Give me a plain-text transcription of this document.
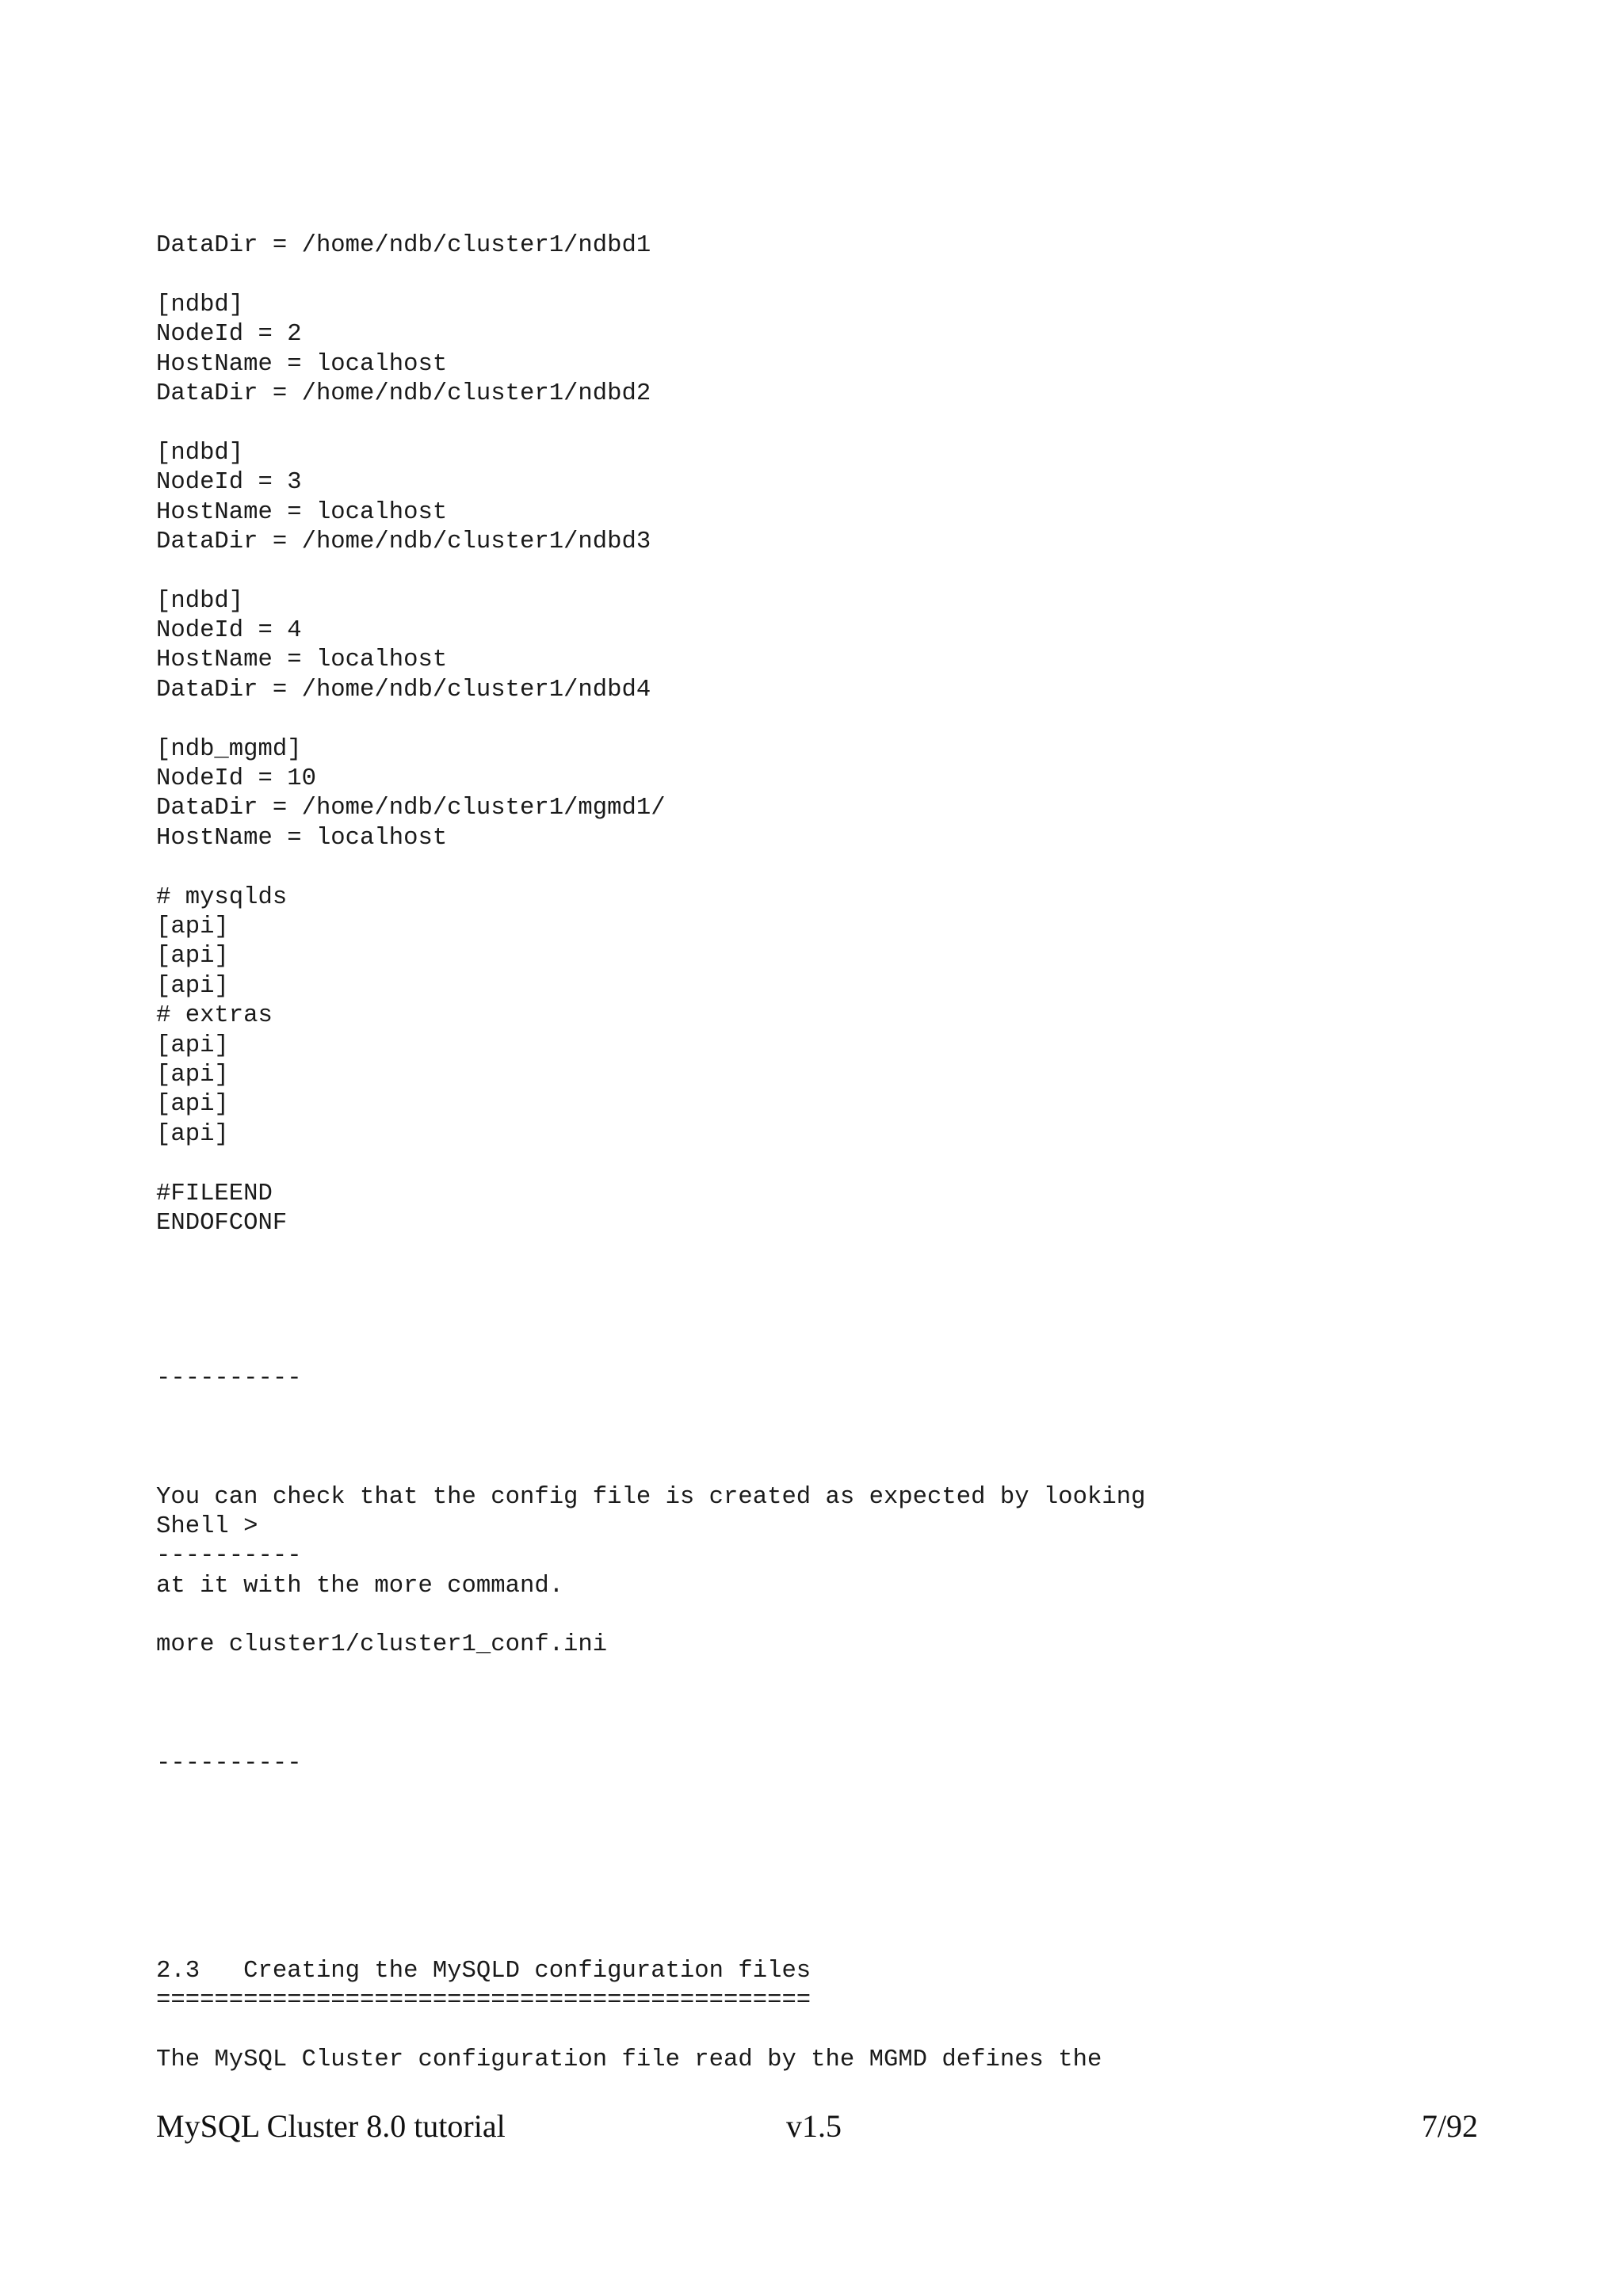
DataDir = /home/ndb/cluster1/ndbd1
[ndbd]
NodeId = 2
HostName = localhost
DataDir = /home/ndb/cluster1/ndbd2
[ndbd]
NodeId = 3
HostName = localhost
DataDir = /home/ndb/cluster1/ndbd3
[ndbd]
NodeId = 4
HostName = localhost
DataDir = /home/ndb/cluster1/ndbd4
[ndb_mgmd]
NodeId = 10
DataDir = /home/ndb/cluster1/mgmd1/
HostName = localhost
# mysqlds
[api]
[api]
[api]
# extras
[api]
[api]
[api]
[api]
#FILEEND
ENDOFCONF
----------

You can check that the config file is created as expected by looking

at it with the more command.

Shell >
----------
more cluster1/cluster1_conf.ini
----------
2.3   Creating the MySQLD configuration files
=============================================
The MySQL Cluster configuration file read by the MGMD defines the
MySQL Cluster 8.0 tutorial	v1.5	7/92
